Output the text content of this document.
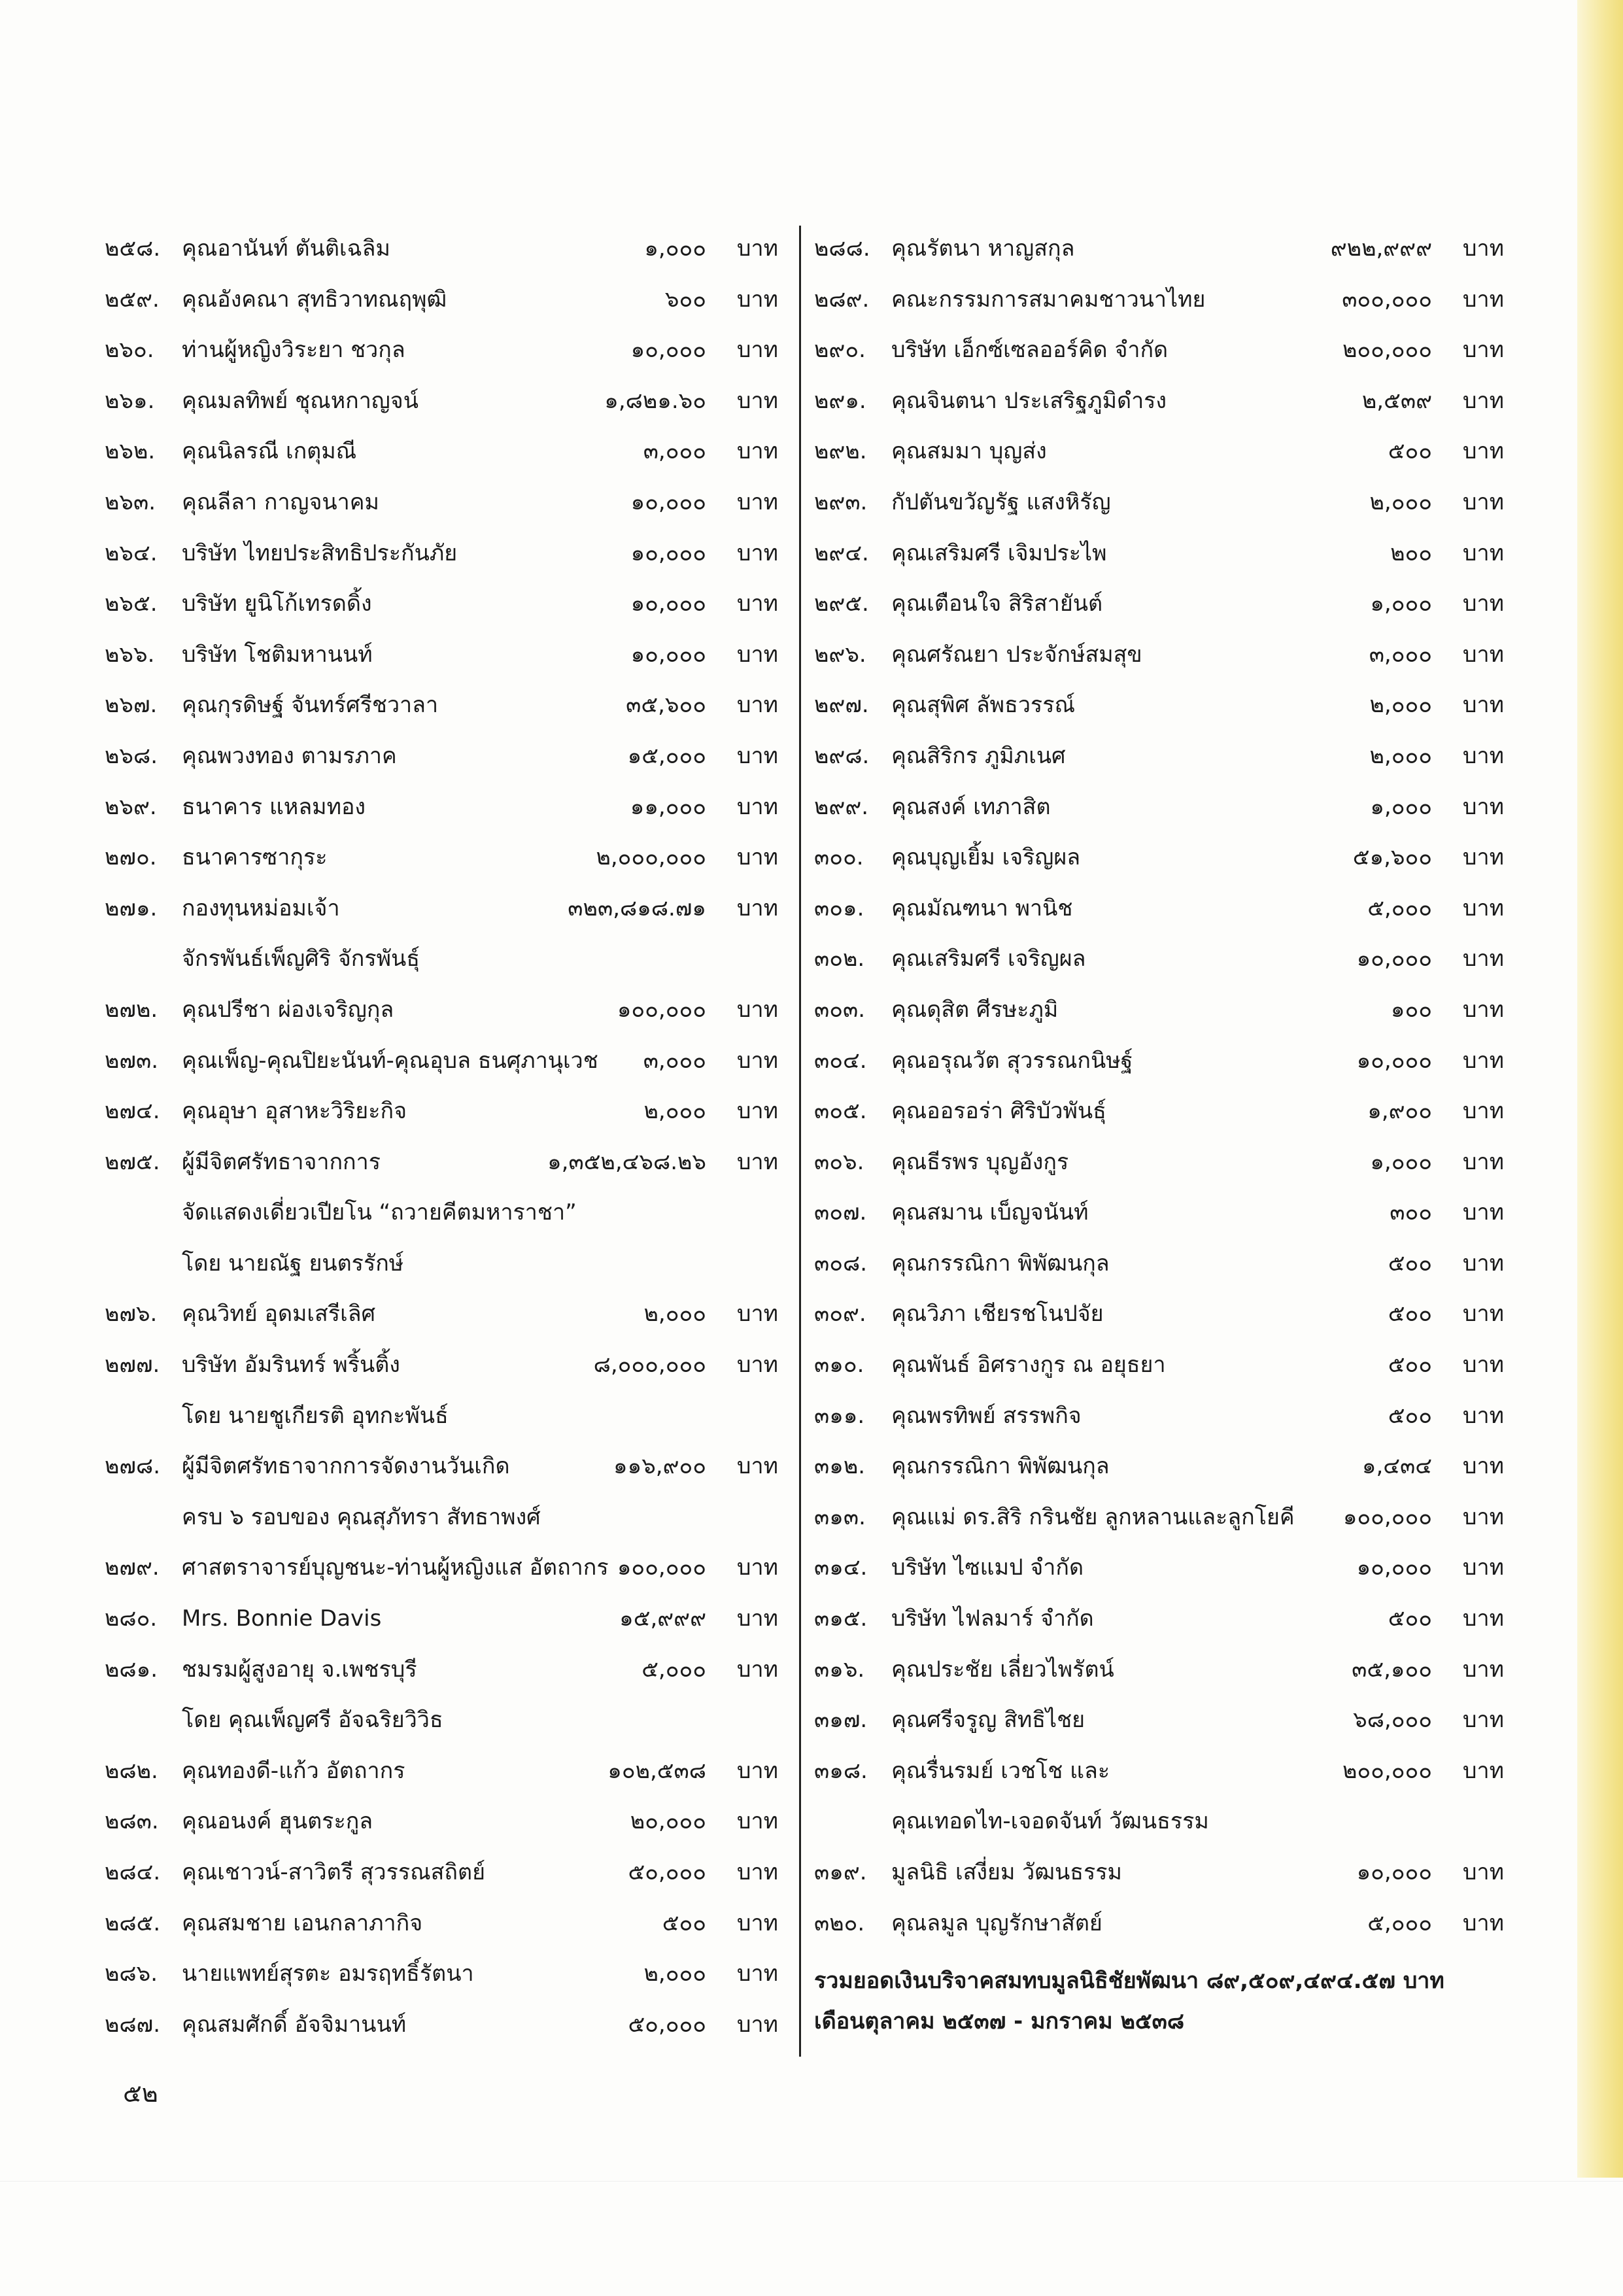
๒๕๘. คุณอานันท์ ตันติเฉลิม	๑,๐๐๐	บาท
๒๕๙. คุณอังคณา สุทธิวาทณฤพุฒิ	๖๐๐	บาท
๒๖๐. ท่านผู้หญิงวิระยา ชวกุล	๑๐,๐๐๐	บาท
๒๖๑. คุณมลทิพย์ ชุณหกาญจน์	๑,๘๒๑.๖๐	บาท
๒๖๒. คุณนิลรณี เกตุมณี	๓,๐๐๐	บาท
๒๖๓. คุณลีลา กาญจนาคม	๑๐,๐๐๐	บาท
๒๖๔. บริษัท ไทยประสิทธิประกันภัย	๑๐,๐๐๐	บาท
๒๖๕. บริษัท ยูนิโก้เทรดดิ้ง	๑๐,๐๐๐	บาท
๒๖๖. บริษัท โชติมหานนท์	๑๐,๐๐๐	บาท
๒๖๗. คุณกุรดิษฐ์ จันทร์ศรีชวาลา	๓๕,๖๐๐	บาท
๒๖๘. คุณพวงทอง ตามรภาค	๑๕,๐๐๐	บาท
๒๖๙. ธนาคาร แหลมทอง	๑๑,๐๐๐	บาท
๒๗๐. ธนาคารซากุระ	๒,๐๐๐,๐๐๐	บาท
๒๗๑. กองทุนหม่อมเจ้า	๓๒๓,๘๑๘.๗๑	บาท
จักรพันธ์เพ็ญศิริ จักรพันธุ์
๒๗๒. คุณปรีชา ผ่องเจริญกุล	๑๐๐,๐๐๐	บาท
๒๗๓. คุณเพ็ญ-คุณปิยะนันท์-คุณอุบล ธนศุภานุเวช ๓,๐๐๐	บาท
๒๗๔. คุณอุษา อุสาหะวิริยะกิจ	๒,๐๐๐	บาท
๒๗๕. ผู้มีจิตศรัทธาจากการ	๑,๓๕๒,๔๖๘.๒๖	บาท
จัดแสดงเดี่ยวเปียโน “ถวายคีตมหาราชา”
โดย นายณัฐ ยนตรรักษ์
๒๗๖. คุณวิทย์ อุดมเสรีเลิศ	๒,๐๐๐	บาท
๒๗๗. บริษัท อัมรินทร์ พริ้นติ้ง	๘,๐๐๐,๐๐๐	บาท
โดย นายชูเกียรติ อุทกะพันธ์
๒๗๘. ผู้มีจิตศรัทธาจากการจัดงานวันเกิด	๑๑๖,๙๐๐	บาท
ครบ ๖ รอบของ คุณสุภัทรา สัทธาพงศ์
๒๗๙. ศาสตราจารย์บุญชนะ-ท่านผู้หญิงแส อัตถากร ๑๐๐,๐๐๐	บาท
๒๘๐. Mrs. Bonnie Davis	๑๕,๙๙๙	บาท
๒๘๑. ชมรมผู้สูงอายุ จ.เพชรบุรี	๕,๐๐๐	บาท
โดย คุณเพ็ญศรี อัจฉริยวิวิธ
๒๘๒. คุณทองดี-แก้ว อัตถากร	๑๐๒,๕๓๘	บาท
๒๘๓. คุณอนงค์ ฮุนตระกูล	๒๐,๐๐๐	บาท
๒๘๔. คุณเชาวน์-สาวิตรี สุวรรณสถิตย์	๕๐,๐๐๐	บาท
๒๘๕. คุณสมชาย เอนกลาภากิจ	๕๐๐	บาท
๒๘๖. นายแพทย์สุรตะ อมรฤทธิ์รัตนา	๒,๐๐๐	บาท
๒๘๗. คุณสมศักดิ์ อัจจิมานนท์	๕๐,๐๐๐	บาท
๒๘๘. คุณรัตนา หาญสกุล	๙๒๒,๙๙๙	บาท
๒๘๙. คณะกรรมการสมาคมชาวนาไทย	๓๐๐,๐๐๐	บาท
๒๙๐. บริษัท เอ็กซ์เซลออร์คิด จำกัด	๒๐๐,๐๐๐	บาท
๒๙๑. คุณจินตนา ประเสริฐภูมิดำรง	๒,๕๓๙	บาท
๒๙๒. คุณสมมา บุญส่ง	๕๐๐	บาท
๒๙๓. กัปตันขวัญรัฐ แสงหิรัญ	๒,๐๐๐	บาท
๒๙๔. คุณเสริมศรี เจิมประไพ	๒๐๐	บาท
๒๙๕. คุณเตือนใจ สิริสายันต์	๑,๐๐๐	บาท
๒๙๖. คุณศรัณยา ประจักษ์สมสุข	๓,๐๐๐	บาท
๒๙๗. คุณสุพิศ ลัพธวรรณ์	๒,๐๐๐	บาท
๒๙๘. คุณสิริกร ภูมิภเนศ	๒,๐๐๐	บาท
๒๙๙. คุณสงค์ เทภาสิต	๑,๐๐๐	บาท
๓๐๐. คุณบุญเยิ้ม เจริญผล	๕๑,๖๐๐	บาท
๓๐๑. คุณมัณฑนา พานิช	๕,๐๐๐	บาท
๓๐๒. คุณเสริมศรี เจริญผล	๑๐,๐๐๐	บาท
๓๐๓. คุณดุสิต ศีรษะภูมิ	๑๐๐	บาท
๓๐๔. คุณอรุณวัต สุวรรณกนิษฐ์	๑๐,๐๐๐	บาท
๓๐๕. คุณออรอร่า ศิริบัวพันธุ์	๑,๙๐๐	บาท
๓๐๖. คุณธีรพร บุญอังกูร	๑,๐๐๐	บาท
๓๐๗. คุณสมาน เบ็ญจนันท์	๓๐๐	บาท
๓๐๘. คุณกรรณิกา พิพัฒนกุล	๕๐๐	บาท
๓๐๙. คุณวิภา เชียรชโนปจัย	๕๐๐	บาท
๓๑๐. คุณพันธ์ อิศรางกูร ณ อยุธยา	๕๐๐	บาท
๓๑๑. คุณพรทิพย์ สรรพกิจ	๕๐๐	บาท
๓๑๒. คุณกรรณิกา พิพัฒนกุล	๑,๔๓๔	บาท
๓๑๓. คุณแม่ ดร.สิริ กรินชัย ลูกหลานและลูกโยคี ๑๐๐,๐๐๐	บาท
๓๑๔. บริษัท ไซแมป จำกัด	๑๐,๐๐๐	บาท
๓๑๕. บริษัท ไฟลมาร์ จำกัด	๕๐๐	บาท
๓๑๖. คุณประชัย เลี่ยวไพรัตน์	๓๕,๑๐๐	บาท
๓๑๗. คุณศรีจรูญ สิทธิไชย	๖๘,๐๐๐	บาท
๓๑๘. คุณรื่นรมย์ เวชโช และ	๒๐๐,๐๐๐	บาท
คุณเทอดไท-เจอดจันท์ วัฒนธรรม
๓๑๙. มูลนิธิ เสงี่ยม วัฒนธรรม	๑๐,๐๐๐	บาท
๓๒๐. คุณลมูล บุญรักษาสัตย์	๕,๐๐๐	บาท
รวมยอดเงินบริจาคสมทบมูลนิธิชัยพัฒนา ๘๙,๕๐๙,๔๙๔.๕๗ บาท
เดือนตุลาคม ๒๕๓๗ - มกราคม ๒๕๓๘
๕๒
